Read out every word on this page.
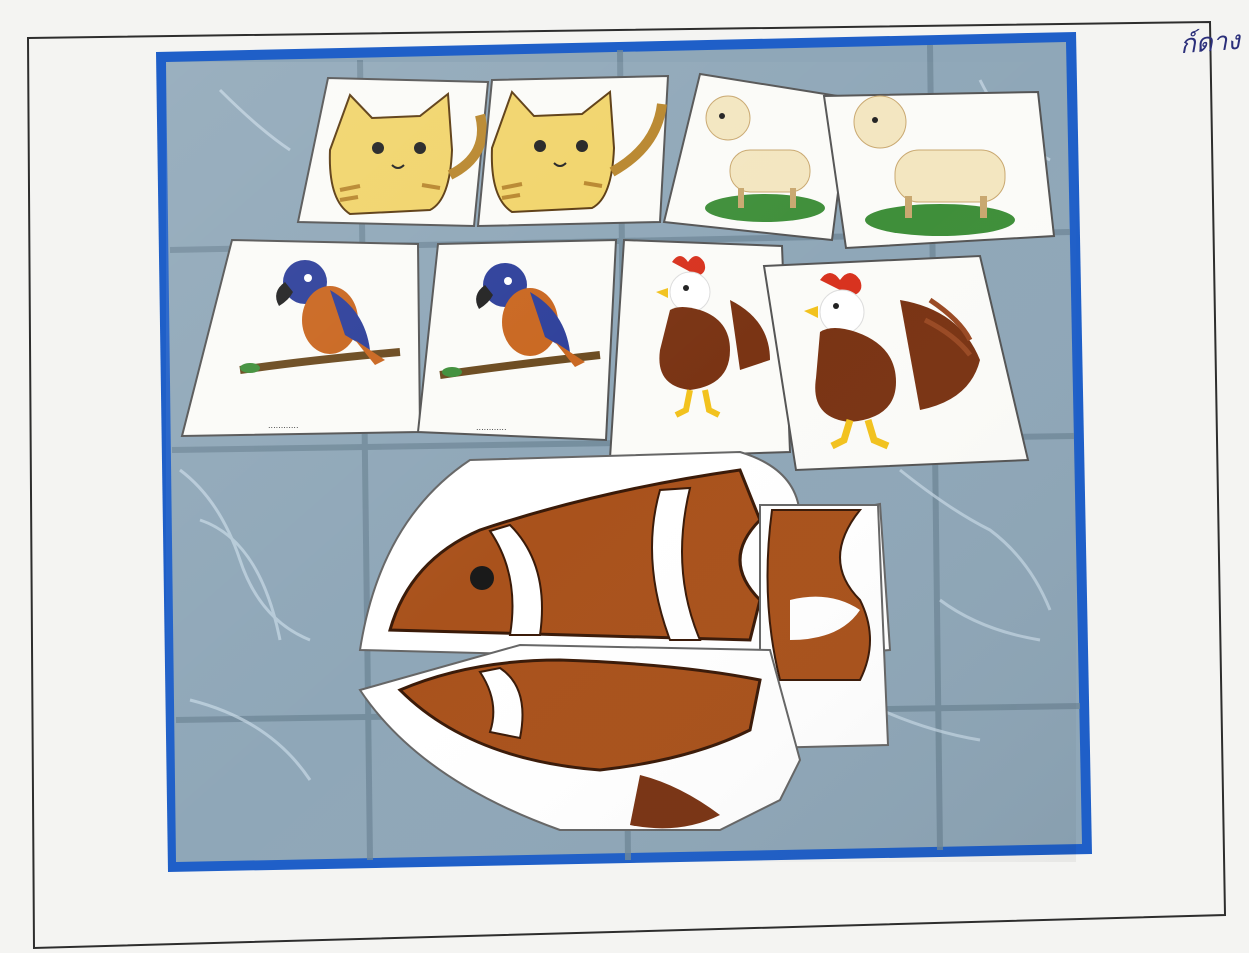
............	............
ก์ดาง
